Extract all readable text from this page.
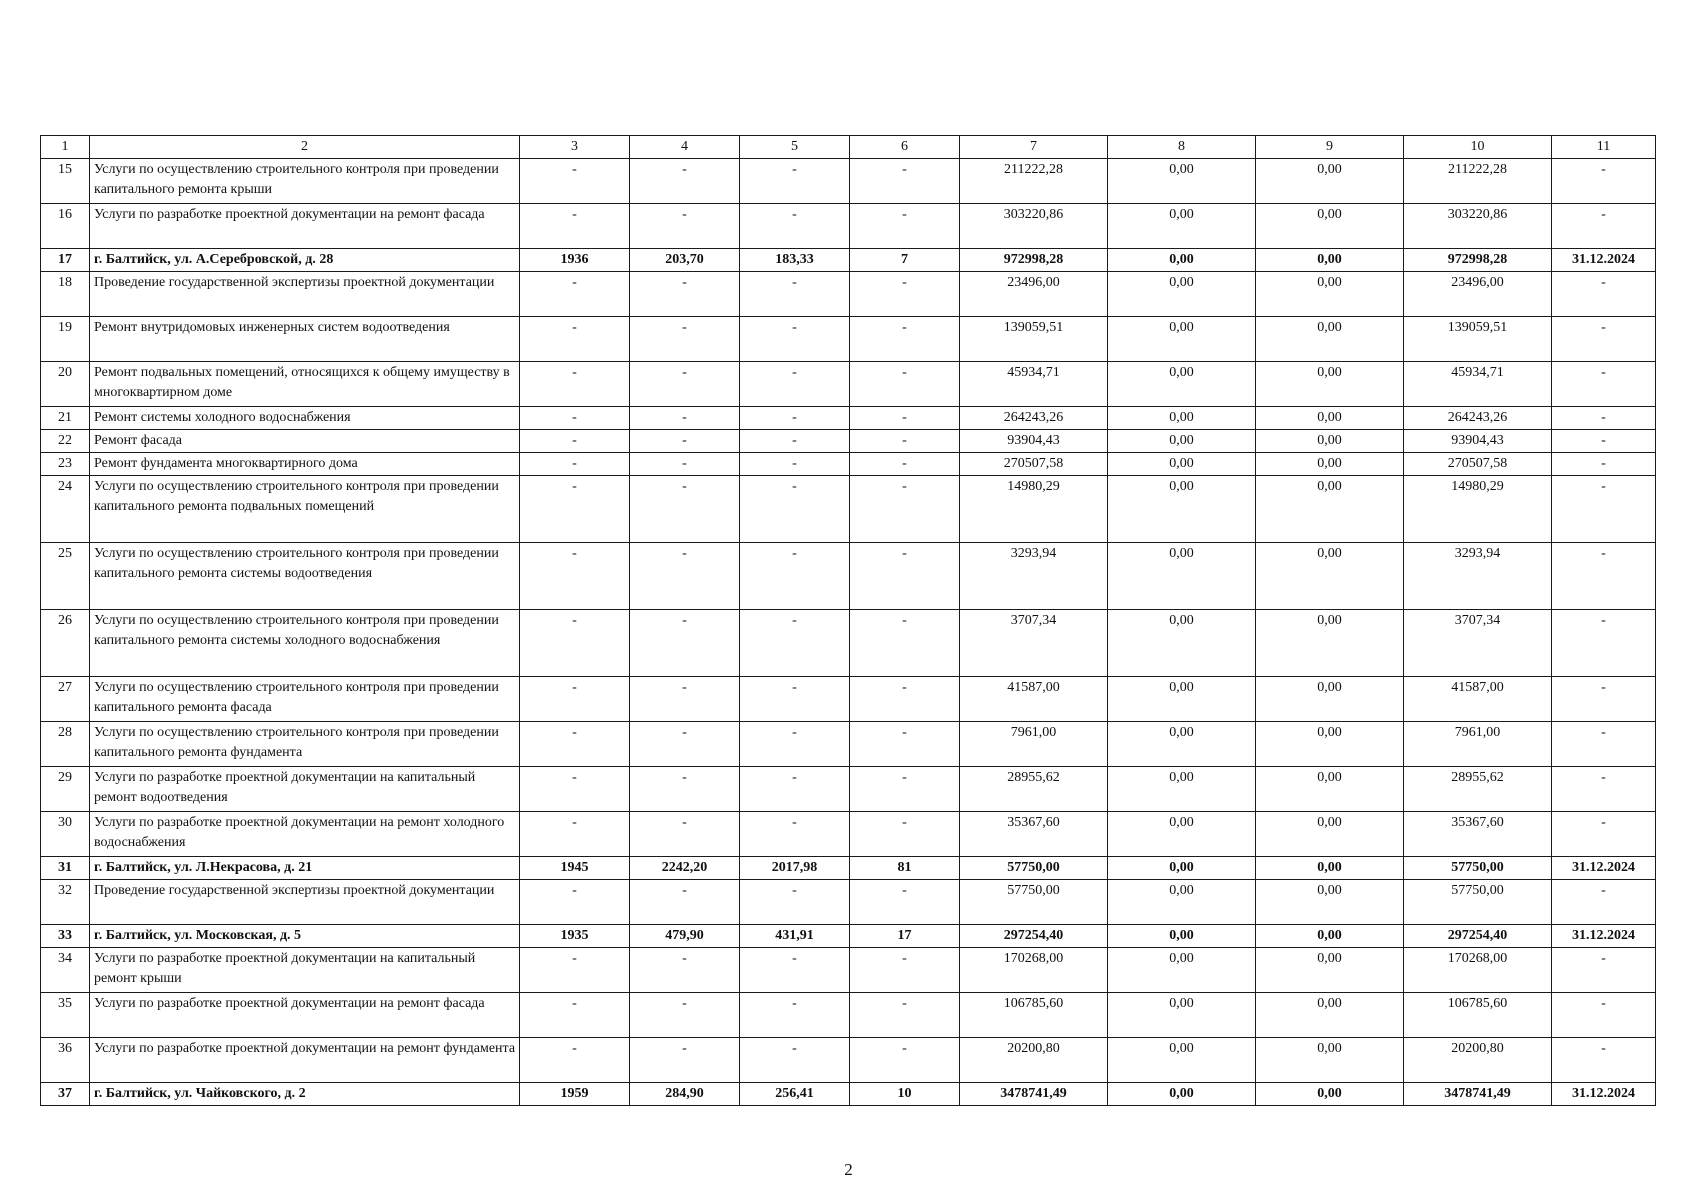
1	2	3	4	5	6	7	8	9	10	11
15	Услуги по осуществлению строительного контроля при проведении капитального ремонта крыши	-	-	-	-	211222,28	0,00	0,00	211222,28	-
16	Услуги по разработке проектной документации на ремонт фасада	-	-	-	-	303220,86	0,00	0,00	303220,86	-
17	г. Балтийск, ул. А.Серебровской, д. 28	1936	203,70	183,33	7	972998,28	0,00	0,00	972998,28	31.12.2024
18	Проведение государственной экспертизы проектной документации	-	-	-	-	23496,00	0,00	0,00	23496,00	-
19	Ремонт внутридомовых инженерных систем водоотведения	-	-	-	-	139059,51	0,00	0,00	139059,51	-
20	Ремонт подвальных помещений, относящихся к общему имуществу в многоквартирном доме	-	-	-	-	45934,71	0,00	0,00	45934,71	-
21	Ремонт системы холодного водоснабжения	-	-	-	-	264243,26	0,00	0,00	264243,26	-
22	Ремонт фасада	-	-	-	-	93904,43	0,00	0,00	93904,43	-
23	Ремонт фундамента многоквартирного дома	-	-	-	-	270507,58	0,00	0,00	270507,58	-
24	Услуги по осуществлению строительного контроля при проведении капитального ремонта подвальных помещений	-	-	-	-	14980,29	0,00	0,00	14980,29	-
25	Услуги по осуществлению строительного контроля при проведении капитального ремонта системы водоотведения	-	-	-	-	3293,94	0,00	0,00	3293,94	-
26	Услуги по осуществлению строительного контроля при проведении капитального ремонта системы холодного водоснабжения	-	-	-	-	3707,34	0,00	0,00	3707,34	-
27	Услуги по осуществлению строительного контроля при проведении капитального ремонта фасада	-	-	-	-	41587,00	0,00	0,00	41587,00	-
28	Услуги по осуществлению строительного контроля при проведении капитального ремонта фундамента	-	-	-	-	7961,00	0,00	0,00	7961,00	-
29	Услуги по разработке проектной документации на капитальный ремонт водоотведения	-	-	-	-	28955,62	0,00	0,00	28955,62	-
30	Услуги по разработке проектной документации на ремонт холодного водоснабжения	-	-	-	-	35367,60	0,00	0,00	35367,60	-
31	г. Балтийск, ул. Л.Некрасова, д. 21	1945	2242,20	2017,98	81	57750,00	0,00	0,00	57750,00	31.12.2024
32	Проведение государственной экспертизы проектной документации	-	-	-	-	57750,00	0,00	0,00	57750,00	-
33	г. Балтийск, ул. Московская, д. 5	1935	479,90	431,91	17	297254,40	0,00	0,00	297254,40	31.12.2024
34	Услуги по разработке проектной документации на капитальный ремонт крыши	-	-	-	-	170268,00	0,00	0,00	170268,00	-
35	Услуги по разработке проектной документации на ремонт фасада	-	-	-	-	106785,60	0,00	0,00	106785,60	-
36	Услуги по разработке проектной документации на ремонт фундамента	-	-	-	-	20200,80	0,00	0,00	20200,80	-
37	г. Балтийск, ул. Чайковского, д. 2	1959	284,90	256,41	10	3478741,49	0,00	0,00	3478741,49	31.12.2024
2
